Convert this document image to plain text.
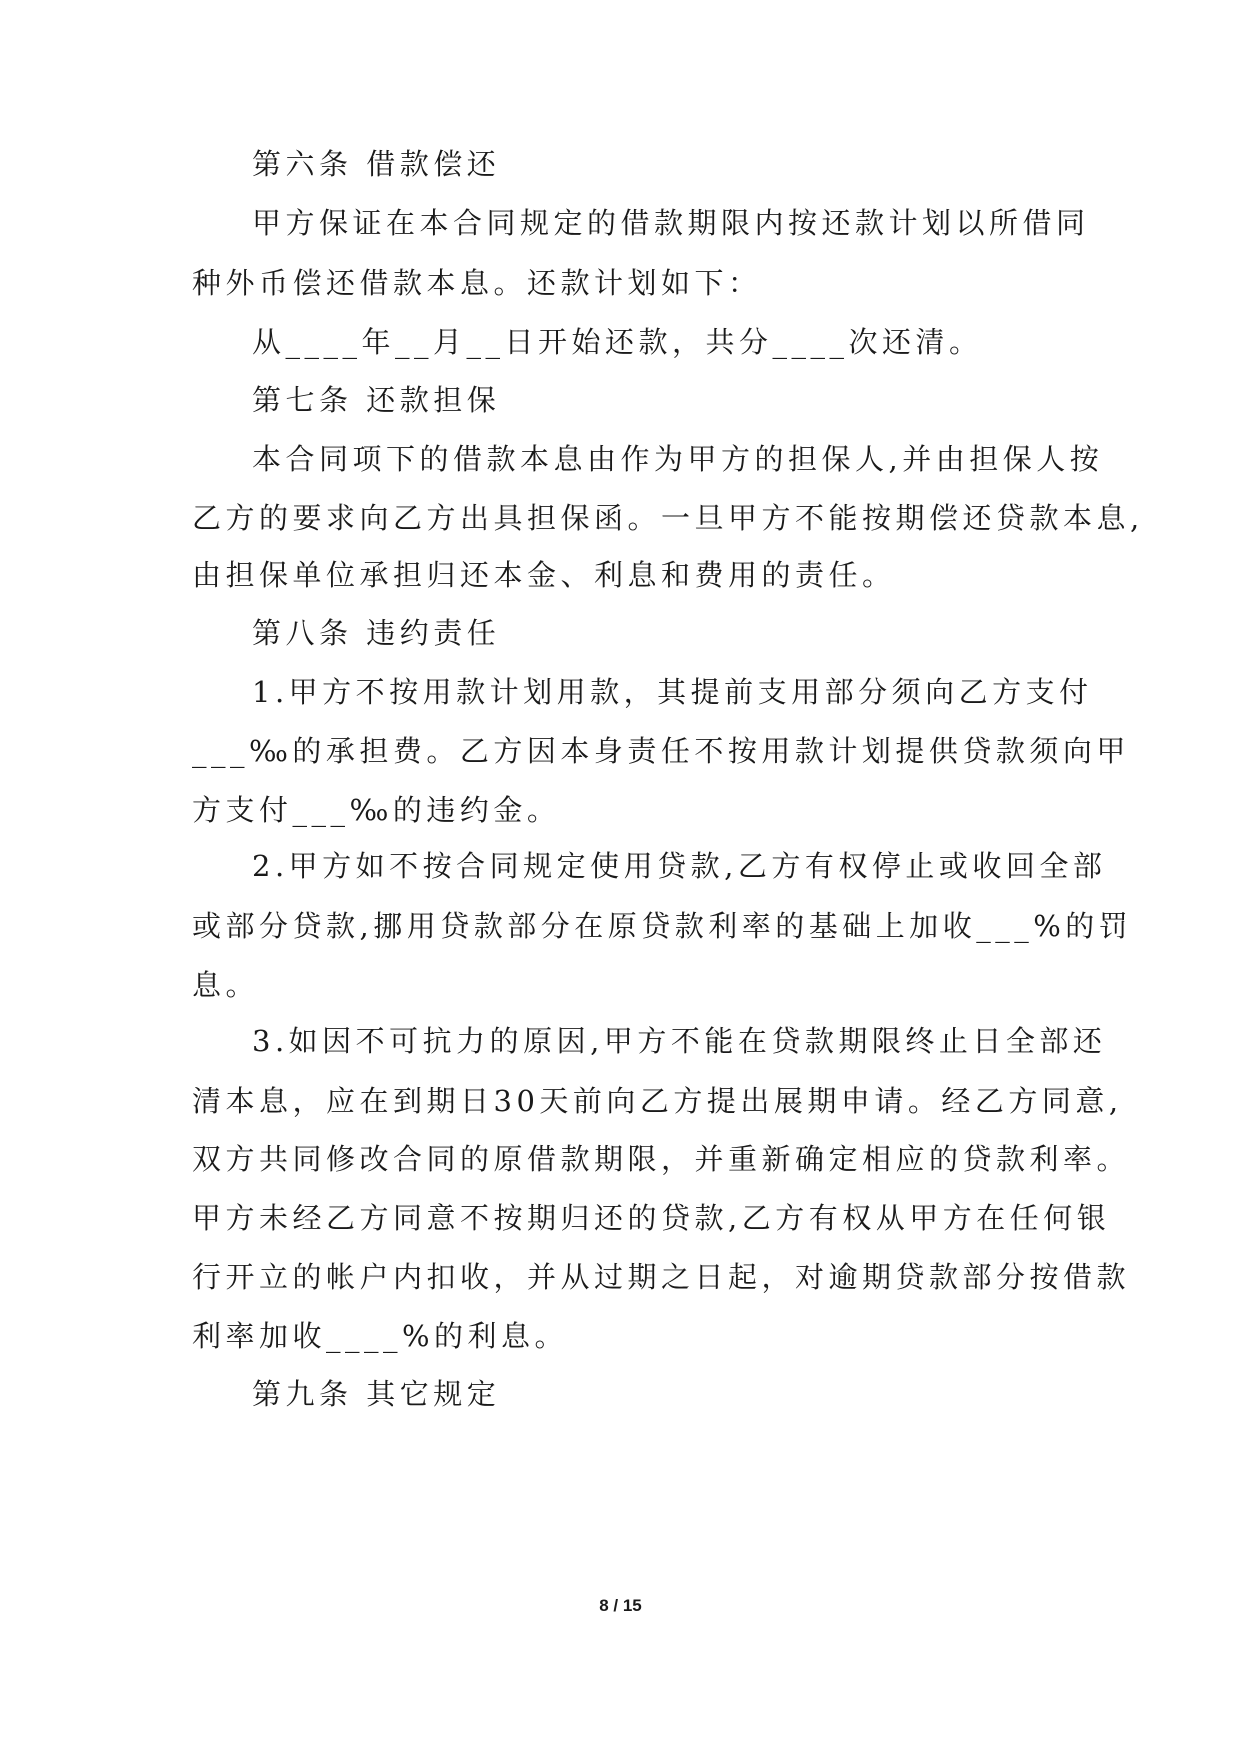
第六条 借款偿还
甲方保证在本合同规定的借款期限内按还款计划以所借同
种外币偿还借款本息。还款计划如下：
从____年__月__日开始还款，共分____次还清。
第七条 还款担保
本合同项下的借款本息由作为甲方的担保人,并由担保人按
乙方的要求向乙方出具担保函。一旦甲方不能按期偿还贷款本息,
由担保单位承担归还本金、利息和费用的责任。
第八条 违约责任
1.甲方不按用款计划用款，其提前支用部分须向乙方支付
___‰的承担费。乙方因本身责任不按用款计划提供贷款须向甲
方支付___‰的违约金。
2.甲方如不按合同规定使用贷款,乙方有权停止或收回全部
或部分贷款,挪用贷款部分在原贷款利率的基础上加收___%的罚
息。
3.如因不可抗力的原因,甲方不能在贷款期限终止日全部还
清本息，应在到期日30天前向乙方提出展期申请。经乙方同意,
双方共同修改合同的原借款期限，并重新确定相应的贷款利率。
甲方未经乙方同意不按期归还的贷款,乙方有权从甲方在任何银
行开立的帐户内扣收，并从过期之日起，对逾期贷款部分按借款
利率加收____%的利息。
第九条 其它规定
8 / 15
